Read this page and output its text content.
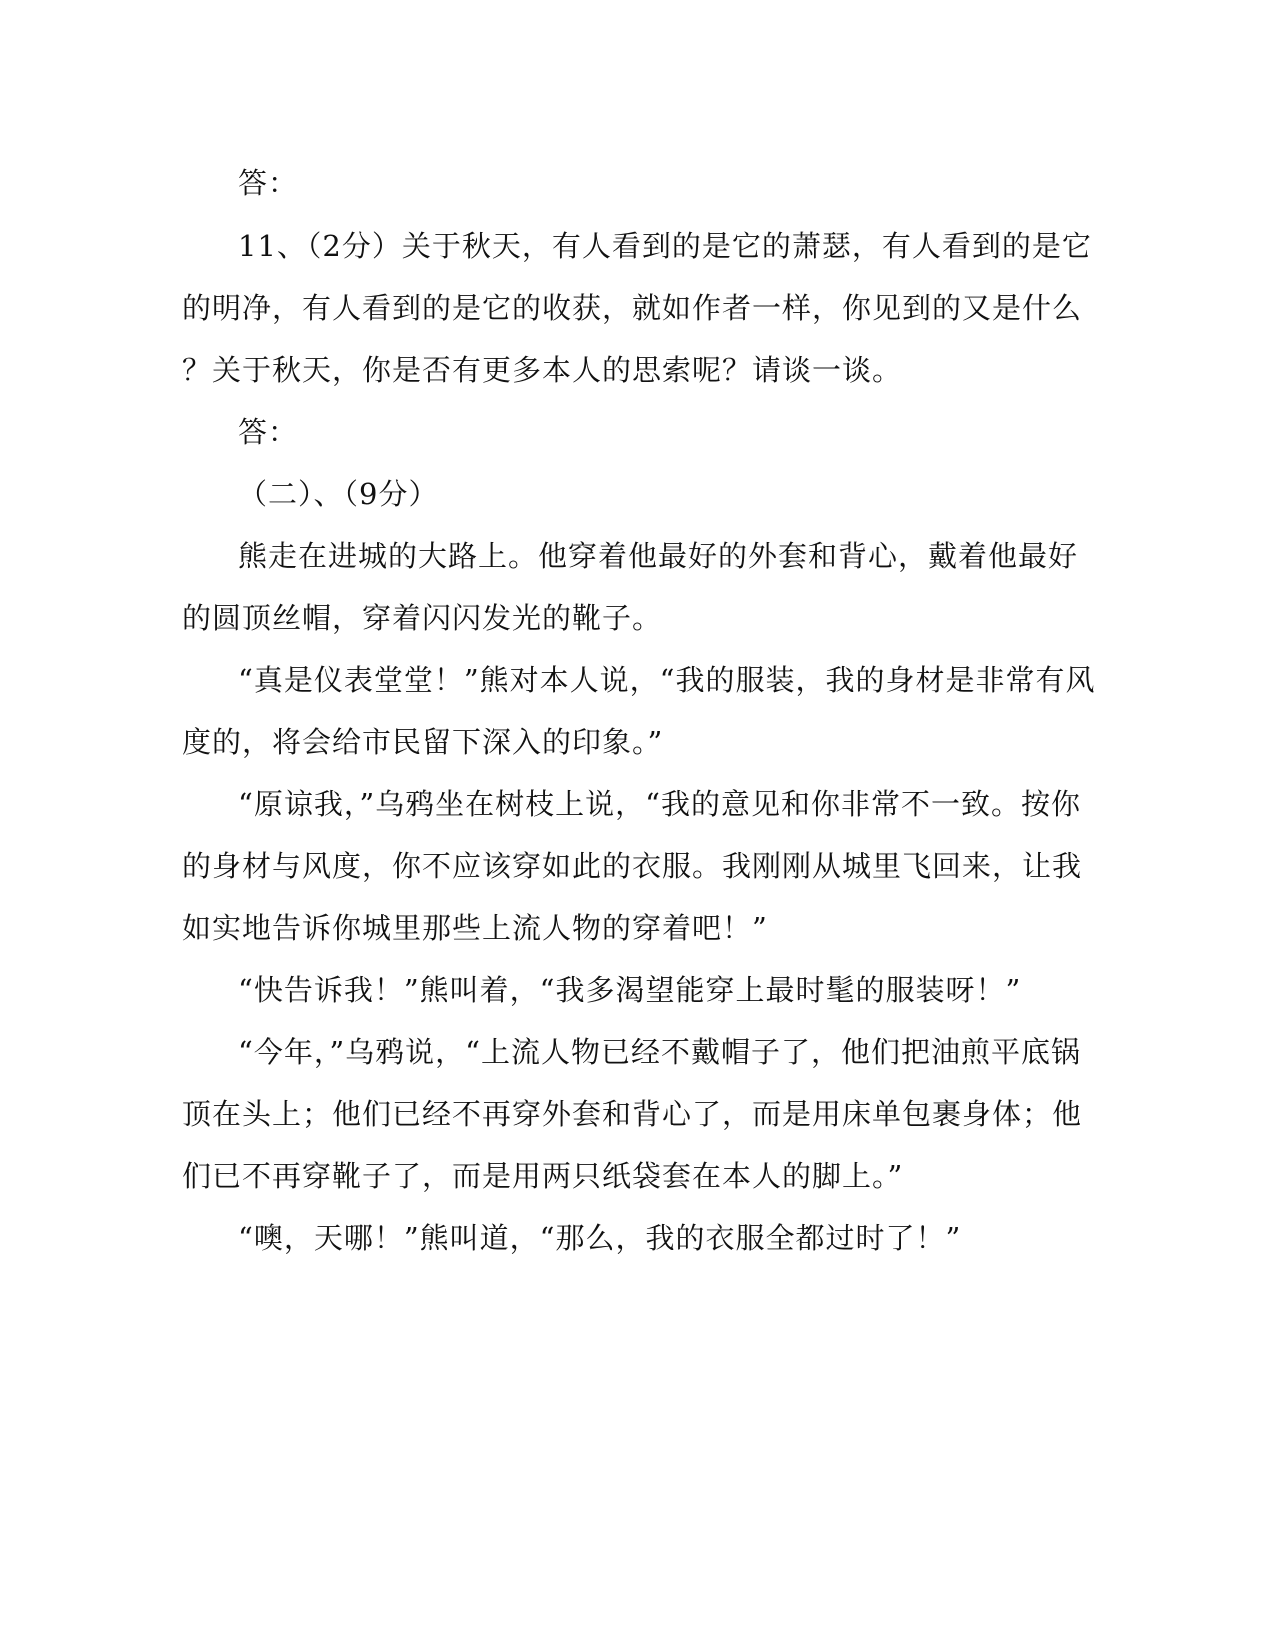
答：
11、（2分）关于秋天，有人看到的是它的萧瑟，有人看到的是它
的明净，有人看到的是它的收获，就如作者一样，你见到的又是什么
？关于秋天，你是否有更多本人的思索呢？请谈一谈。
答：
（二）、（9分）
熊走在进城的大路上。他穿着他最好的外套和背心，戴着他最好
的圆顶丝帽，穿着闪闪发光的靴子。
“真是仪表堂堂！”熊对本人说，“我的服装，我的身材是非常有风
度的，将会给市民留下深入的印象。”
“原谅我，”乌鸦坐在树枝上说，“我的意见和你非常不一致。按你
的身材与风度，你不应该穿如此的衣服。我刚刚从城里飞回来，让我
如实地告诉你城里那些上流人物的穿着吧！”
“快告诉我！”熊叫着，“我多渴望能穿上最时髦的服装呀！”
“今年，”乌鸦说，“上流人物已经不戴帽子了，他们把油煎平底锅
顶在头上；他们已经不再穿外套和背心了，而是用床单包裹身体；他
们已不再穿靴子了，而是用两只纸袋套在本人的脚上。”
“噢，天哪！”熊叫道，“那么，我的衣服全都过时了！”
